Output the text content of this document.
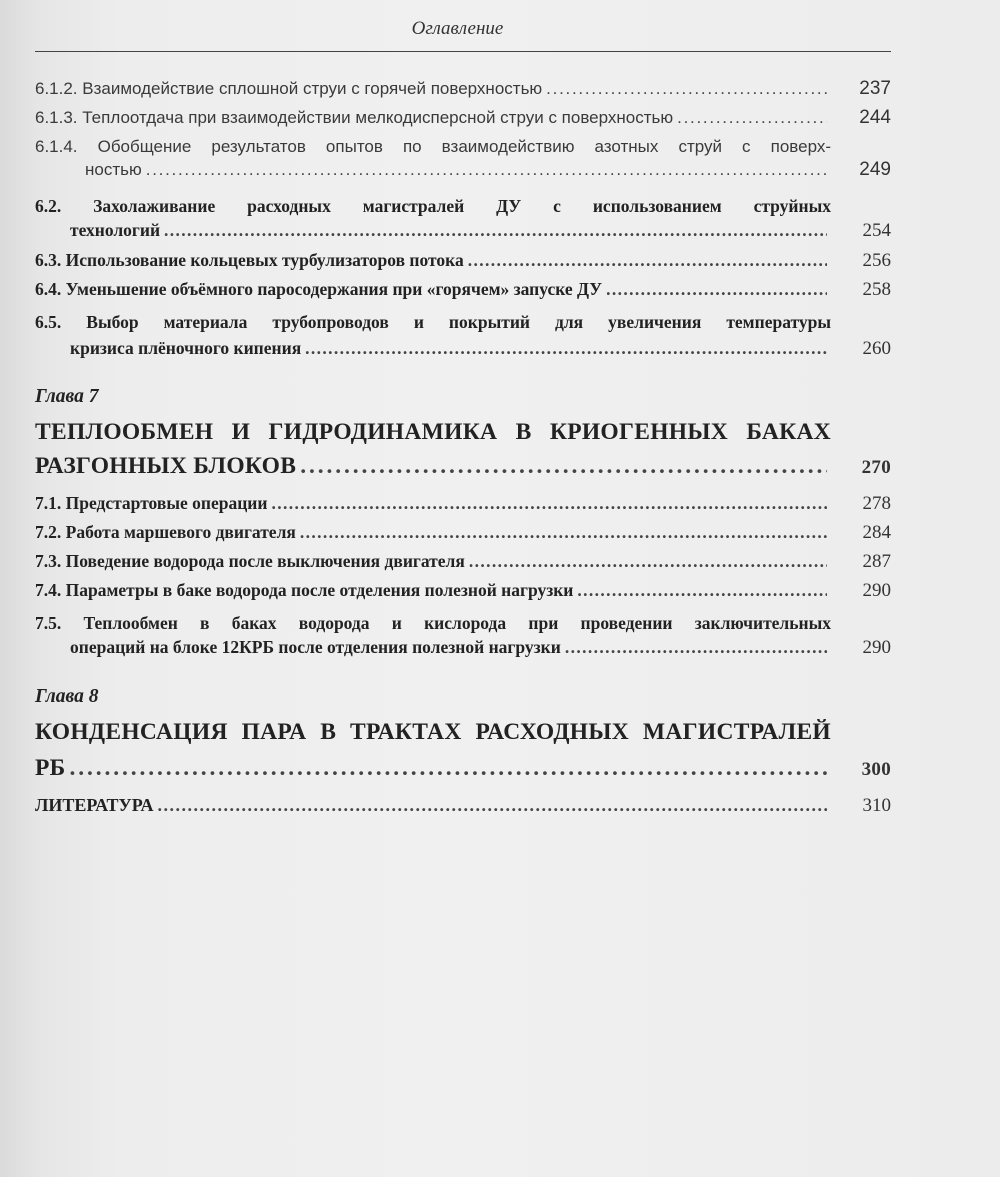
Оглавление
6.1.2. Взаимодействие сплошной струи с горячей поверхностью . . .	237
6.1.3. Теплоотдача при взаимодействии мелкодисперсной струи с поверхностью . . .	244
6.1.4. Обобщение результатов опытов по взаимодействию азотных струй с поверх-
ностью . . .	249
6.2. Захолаживание расходных магистралей ДУ с использованием струйных
технологий . . .	254
6.3. Использование кольцевых турбулизаторов потока . . .	256
6.4. Уменьшение объёмного паросодержания при «горячем» запуске ДУ . . .	258
6.5. Выбор материала трубопроводов и покрытий для увеличения температуры
кризиса плёночного кипения . . .	260
Глава 7
ТЕПЛООБМЕН И ГИДРОДИНАМИКА В КРИОГЕННЫХ БАКАХ
РАЗГОННЫХ БЛОКОВ . . .	270
7.1. Предстартовые операции . . .	278
7.2. Работа маршевого двигателя . . .	284
7.3. Поведение водорода после выключения двигателя . . .	287
7.4. Параметры в баке водорода после отделения полезной нагрузки . . .	290
7.5. Теплообмен в баках водорода и кислорода при проведении заключительных
операций на блоке 12КРБ после отделения полезной нагрузки . . .	290
Глава 8
КОНДЕНСАЦИЯ ПАРА В ТРАКТАХ РАСХОДНЫХ МАГИСТРАЛЕЙ
РБ . . .	300
ЛИТЕРАТУРА . . .	310
